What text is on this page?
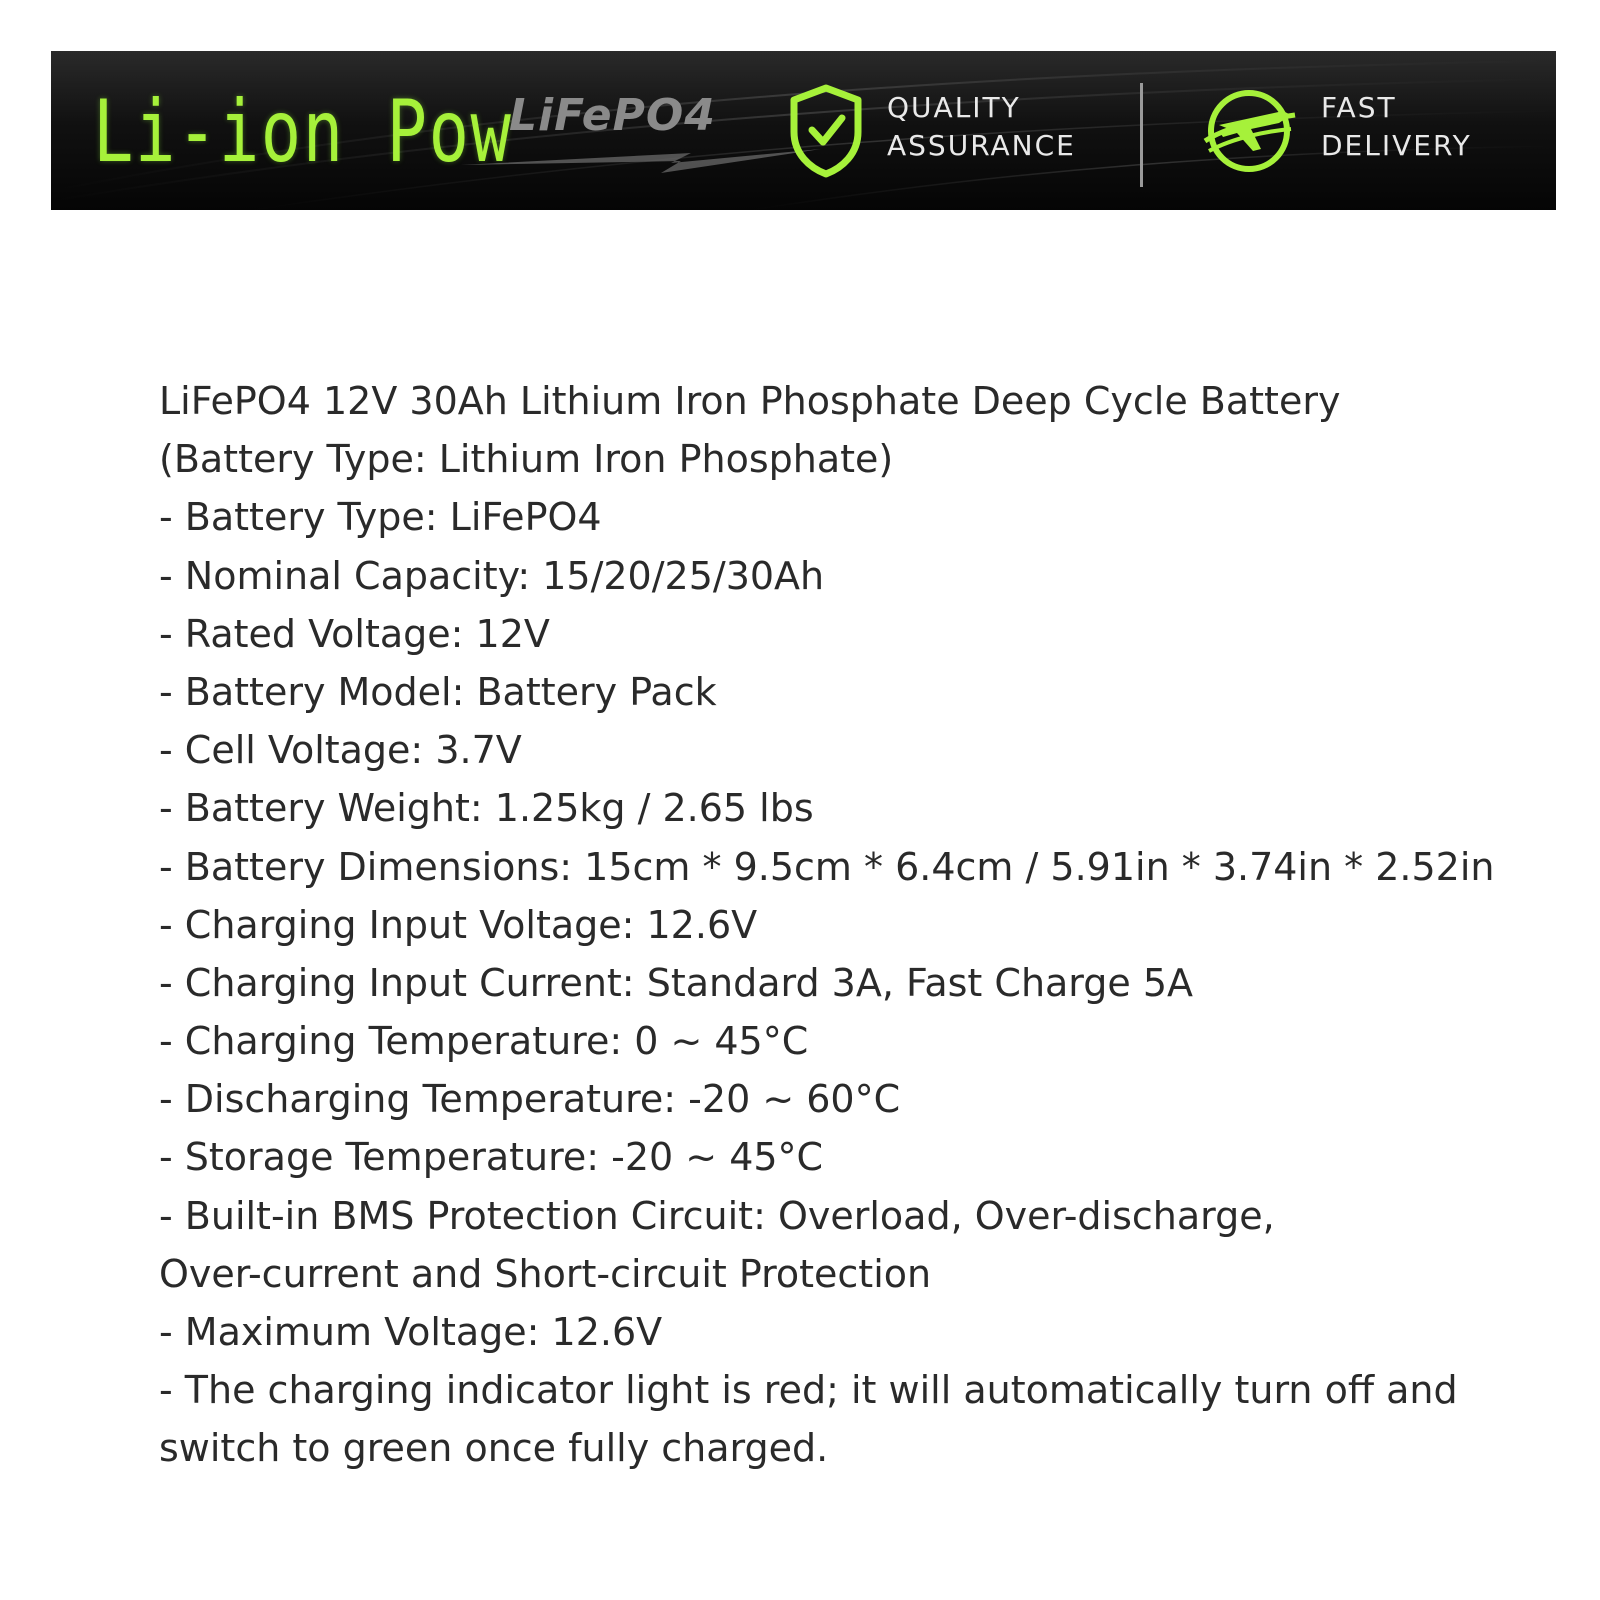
Li-ion Pow
LiFePO4	QUALITY
ASSURANCE
FAST
DELIVERY
LiFePO4 12V 30Ah Lithium Iron Phosphate Deep Cycle Battery
(Battery Type: Lithium Iron Phosphate)
- Battery Type: LiFePO4
- Nominal Capacity: 15/20/25/30Ah
- Rated Voltage: 12V
- Battery Model: Battery Pack
- Cell Voltage: 3.7V
- Battery Weight: 1.25kg / 2.65 lbs
- Battery Dimensions: 15cm * 9.5cm * 6.4cm / 5.91in * 3.74in * 2.52in
- Charging Input Voltage: 12.6V
- Charging Input Current: Standard 3A, Fast Charge 5A
- Charging Temperature: 0 ~ 45°C
- Discharging Temperature: -20 ~ 60°C
- Storage Temperature: -20 ~ 45°C
- Built-in BMS Protection Circuit: Overload, Over-discharge,
Over-current and Short-circuit Protection
- Maximum Voltage: 12.6V
- The charging indicator light is red; it will automatically turn off and
switch to green once fully charged.
